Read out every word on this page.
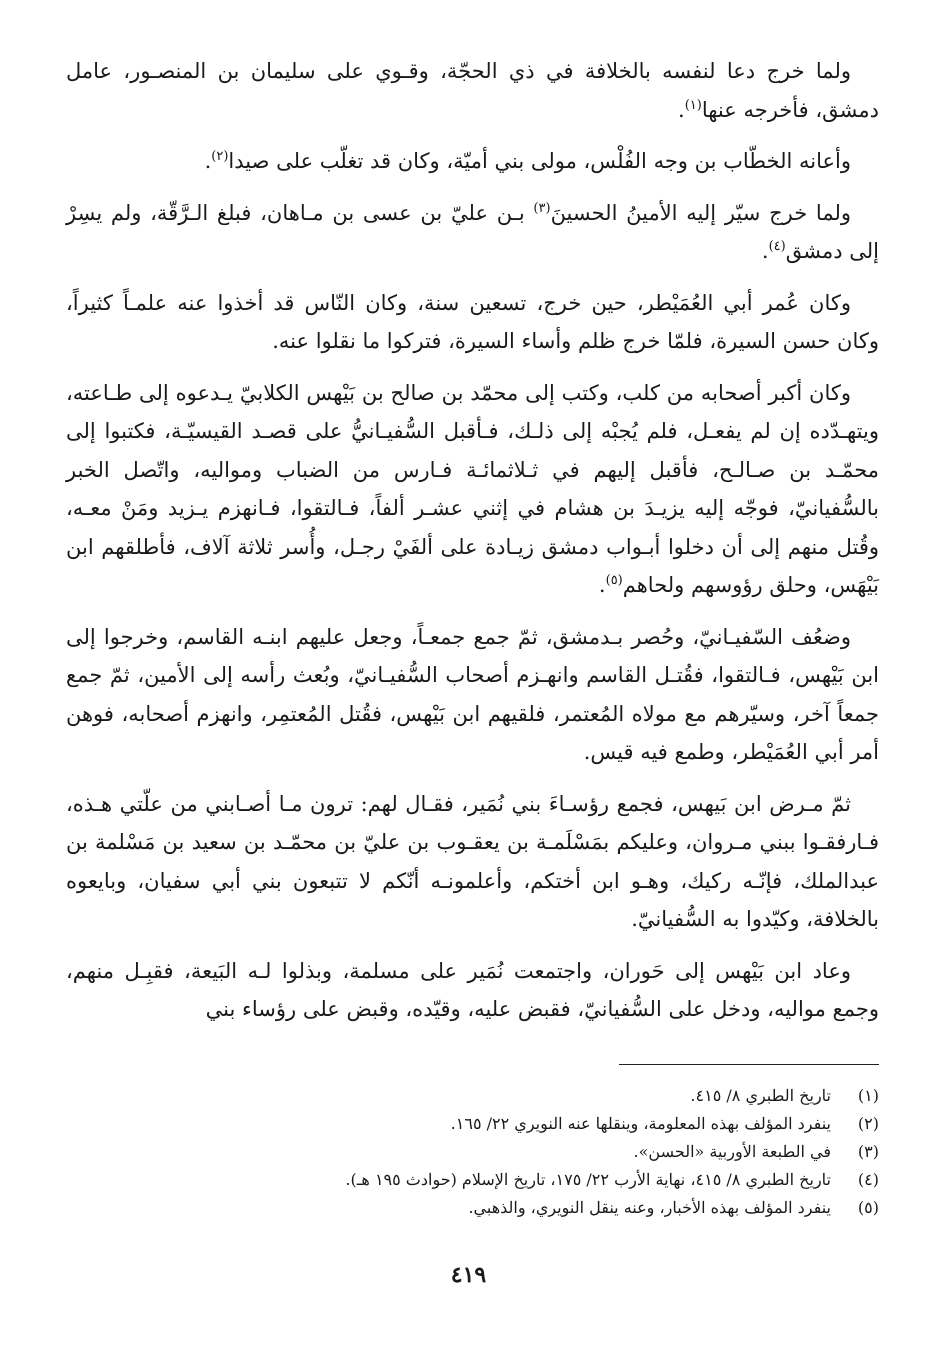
ولما خرج دعا لنفسه بالخلافة في ذي الحجّة، وقـوي على سليمان بن المنصـور، عامل دمشق، فأخرجه عنها$^{(١)}$.

وأعانه الخطّاب بن وجه الفُلْس، مولى بني أميّة، وكان قد تغلّب على صيدا$^{(٢)}$.

ولما خرج سيّر إليه الأمينُ الحسينَ$^{(٣)}$ بـن عليّ بن عسى بن مـاهان، فبلغ الـرَّقّة، ولم يسِرْ إلى دمشق$^{(٤)}$.

وكان عُمر أبي العُمَيْطر، حين خرج، تسعين سنة، وكان النّاس قد أخذوا عنه علمـاً كثيراً، وكان حسن السيرة، فلمّا خرج ظلم وأساء السيرة، فتركوا ما نقلوا عنه.

وكان أكبر أصحابه من كلب، وكتب إلى محمّد بن صالح بن بَيْهس الكلابيّ يـدعوه إلى طـاعته، ويتهـدّده إن لم يفعـل، فلم يُجبْه إلى ذلـك، فـأقبل السُّفيـانيُّ على قصـد القيسيّـة، فكتبوا إلى محمّـد بن صـالـح، فأقبل إليهم في ثـلاثمائـة فـارس من الضباب ومواليه، واتّصل الخبر بالسُّفيانيّ، فوجّه إليه يزيـدَ بن هشام في إثني عشـر ألفاً، فـالتقوا، فـانهزم يـزيد ومَنْ معـه، وقُتل منهم إلى أن دخلوا أبـواب دمشق زيـادة على ألفَيْ رجـل، وأُسر ثلاثة آلاف، فأطلقهم ابن بَيْهَس، وحلق رؤوسهم ولحاهم$^{(٥)}$.

وضعُف السّفيـانيّ، وحُصر بـدمشق، ثمّ جمع جمعـاً، وجعل عليهم ابنـه القاسم، وخرجوا إلى ابن بَيْهس، فـالتقوا، فقُتـل القاسم وانهـزم أصحاب السُّفيـانيّ، وبُعث رأسه إلى الأمين، ثمّ جمع جمعاً آخر، وسيّرهم مع مولاه المُعتمر، فلقيهم ابن بَيْهس، فقُتل المُعتمِر، وانهزم أصحابه، فوهن أمر أبي العُمَيْطر، وطمع فيه قيس.

ثمّ مـرض ابن بَيهس، فجمع رؤسـاءَ بني نُمَير، فقـال لهم: ترون مـا أصـابني من علّتي هـذه، فـارفقـوا ببني مـروان، وعليكم بمَسْلَمـة بن يعقـوب بن عليّ بن محمّـد بن سعيد بن مَسْلمة بن عبدالملك، فإنّـه ركيك، وهـو ابن أختكم، وأعلمونـه أنّكم لا تتبعون بني أبي سفيان، وبايعوه بالخلافة، وكيّدوا به السُّفيانيّ.

وعاد ابن بَيْهس إلى حَوران، واجتمعت نُمَير على مسلمة، وبذلوا لـه البَيعة، فقبِـل منهم، وجمع مواليه، ودخل على السُّفيانيّ، فقبض عليه، وقيّده، وقبض على رؤساء بني

(١)
تاريخ الطبري ٨/ ٤١٥.
(٢)
ينفرد المؤلف بهذه المعلومة، وينقلها عنه النويري ٢٢/ ١٦٥.
(٣)
في الطبعة الأوربية «الحسن».
(٤)
تاريخ الطبري ٨/ ٤١٥، نهاية الأرب ٢٢/ ١٧٥، تاريخ الإسلام (حوادث ١٩٥ هـ).
(٥)
ينفرد المؤلف بهذه الأخبار، وعنه ينقل النويري، والذهبي.
٤١٩
